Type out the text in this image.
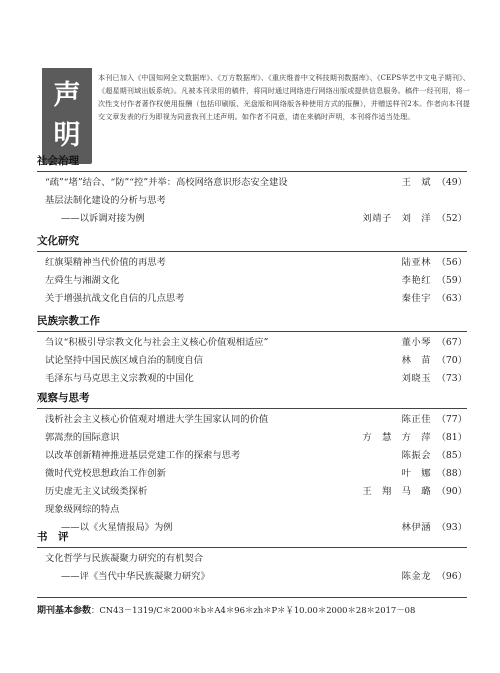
声
明
本刊已加入《中国知网全文数据库》、《万方数据库》、《重庆维普中文科技期刊数据库》、《CEPS华艺中文电子期刊》、《超星期刊域出版系统》。凡被本刊录用的稿件，将同时通过网络进行网络出版或提供信息服务。稿件一经刊用，将一次性支付作者著作权使用报酬（包括印刷版、光盘版和网络版各种使用方式的报酬），并赠送样刊2本。作者向本刊提交文章发表的行为即视为同意我刊上述声明。如作者不同意，请在来稿时声明，本刊将作适当处理。
社会治理
“疏”“堵”结合、“防”“控”并举：高校网络意识形态安全建设	王　斌 （49）
基层法制化建设的分析与思考
——以诉调对接为例	刘靖子　刘　洋 （52）
文化研究
红旗渠精神当代价值的再思考	陆亚林 （56）
左舜生与湘湖文化	李艳红 （59）
关于增强抗战文化自信的几点思考	秦佳宇 （63）
民族宗教工作
刍议“积极引导宗教文化与社会主义核心价值观相适应”	董小琴 （67）
试论坚持中国民族区域自治的制度自信	林　苗 （70）
毛泽东与马克思主义宗教观的中国化	刘晓玉 （73）
观察与思考
浅析社会主义核心价值观对增进大学生国家认同的价值	陈正佳 （77）
郭嵩焘的国际意识	方　慧　方　萍 （81）
以改革创新精神推进基层党建工作的探索与思考	陈振会 （85）
微时代党校思想政治工作创新	叶　娜 （88）
历史虚无主义试级类探析	王　翔　马　璐 （90）
现象级网综的特点
——以《火星情报局》为例	林伊涵 （93）
书　评
文化哲学与民族凝聚力研究的有机契合
——评《当代中华民族凝聚力研究》	陈金龙 （96）
期刊基本参数：CN43－1319/C＊2000＊b＊A4＊96＊zh＊P＊￥10.00＊2000＊28＊2017－08
